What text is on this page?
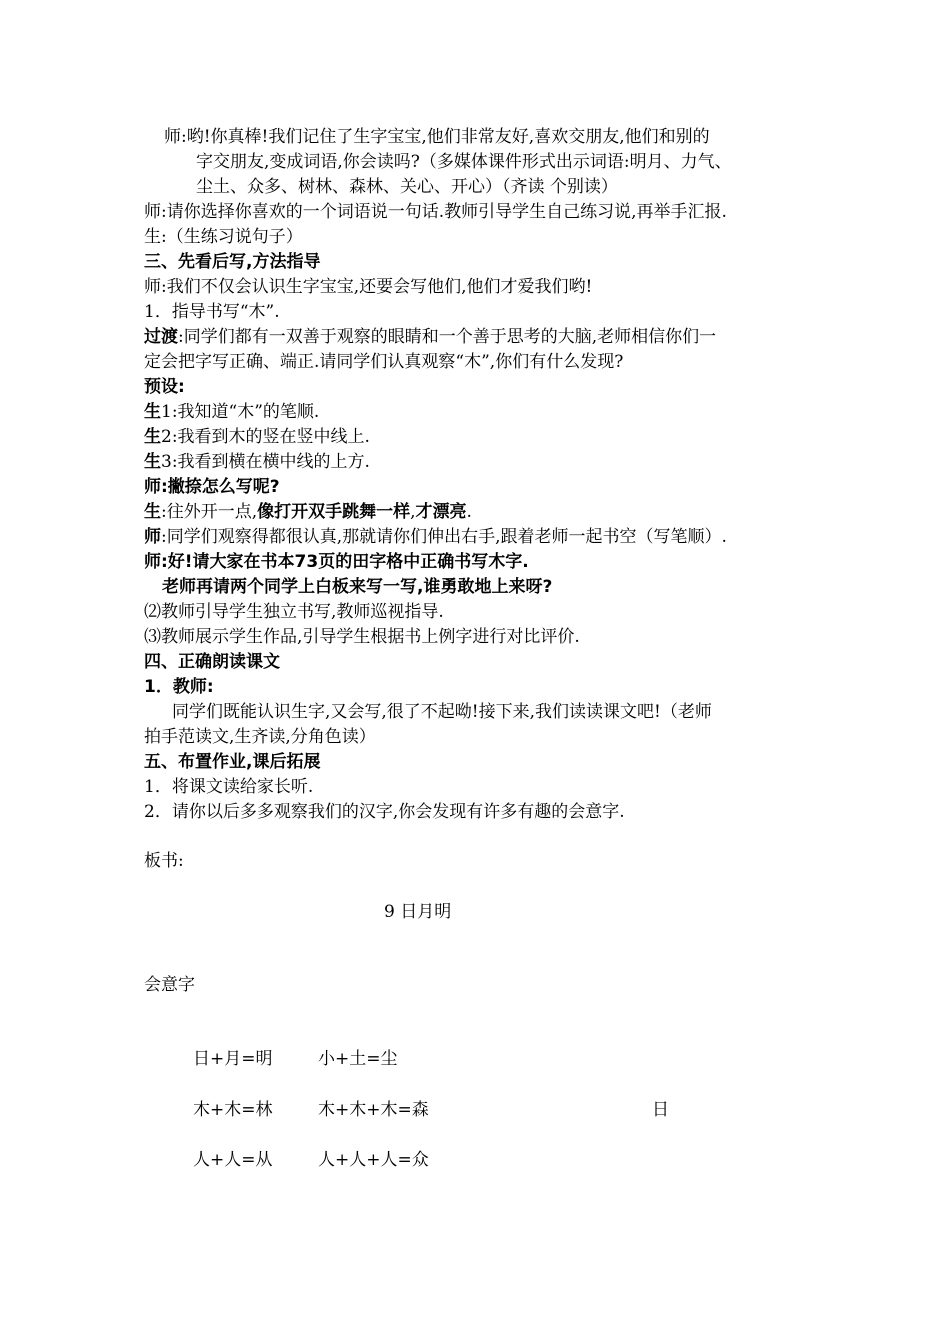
师:哟!你真棒!我们记住了生字宝宝,他们非常友好,喜欢交朋友,他们和别的
字交朋友,变成词语,你会读吗?（多媒体课件形式出示词语:明月、力气、
尘土、众多、树林、森林、关心、开心）（齐读 个别读）
师:请你选择你喜欢的一个词语说一句话.教师引导学生自己练习说,再举手汇报.
生:（生练习说句子）
三、先看后写,方法指导
师:我们不仅会认识生字宝宝,还要会写他们,他们才爱我们哟!
1．指导书写“木”.
过渡:同学们都有一双善于观察的眼睛和一个善于思考的大脑,老师相信你们一
定会把字写正确、端正.请同学们认真观察“木”,你们有什么发现?
预设:
生1:我知道“木”的笔顺.
生2:我看到木的竖在竖中线上.
生3:我看到横在横中线的上方.
师:撇捺怎么写呢?
生:往外开一点,像打开双手跳舞一样,才漂亮.
师:同学们观察得都很认真,那就请你们伸出右手,跟着老师一起书空（写笔顺）.
师:好!请大家在书本73页的田字格中正确书写木字.
老师再请两个同学上白板来写一写,谁勇敢地上来呀?
⑵教师引导学生独立书写,教师巡视指导.
⑶教师展示学生作品,引导学生根据书上例字进行对比评价.
四、正确朗读课文
1．教师:
同学们既能认识生字,又会写,很了不起呦!接下来,我们读读课文吧!（老师
拍手范读文,生齐读,分角色读）
五、布置作业,课后拓展
1．将课文读给家长听.
2．请你以后多多观察我们的汉字,你会发现有许多有趣的会意字.
板书:
9 日月明
会意字
日+月=明	小+土=尘
木+木=林	木+木+木=森	日
人+人=从	人+人+人=众
